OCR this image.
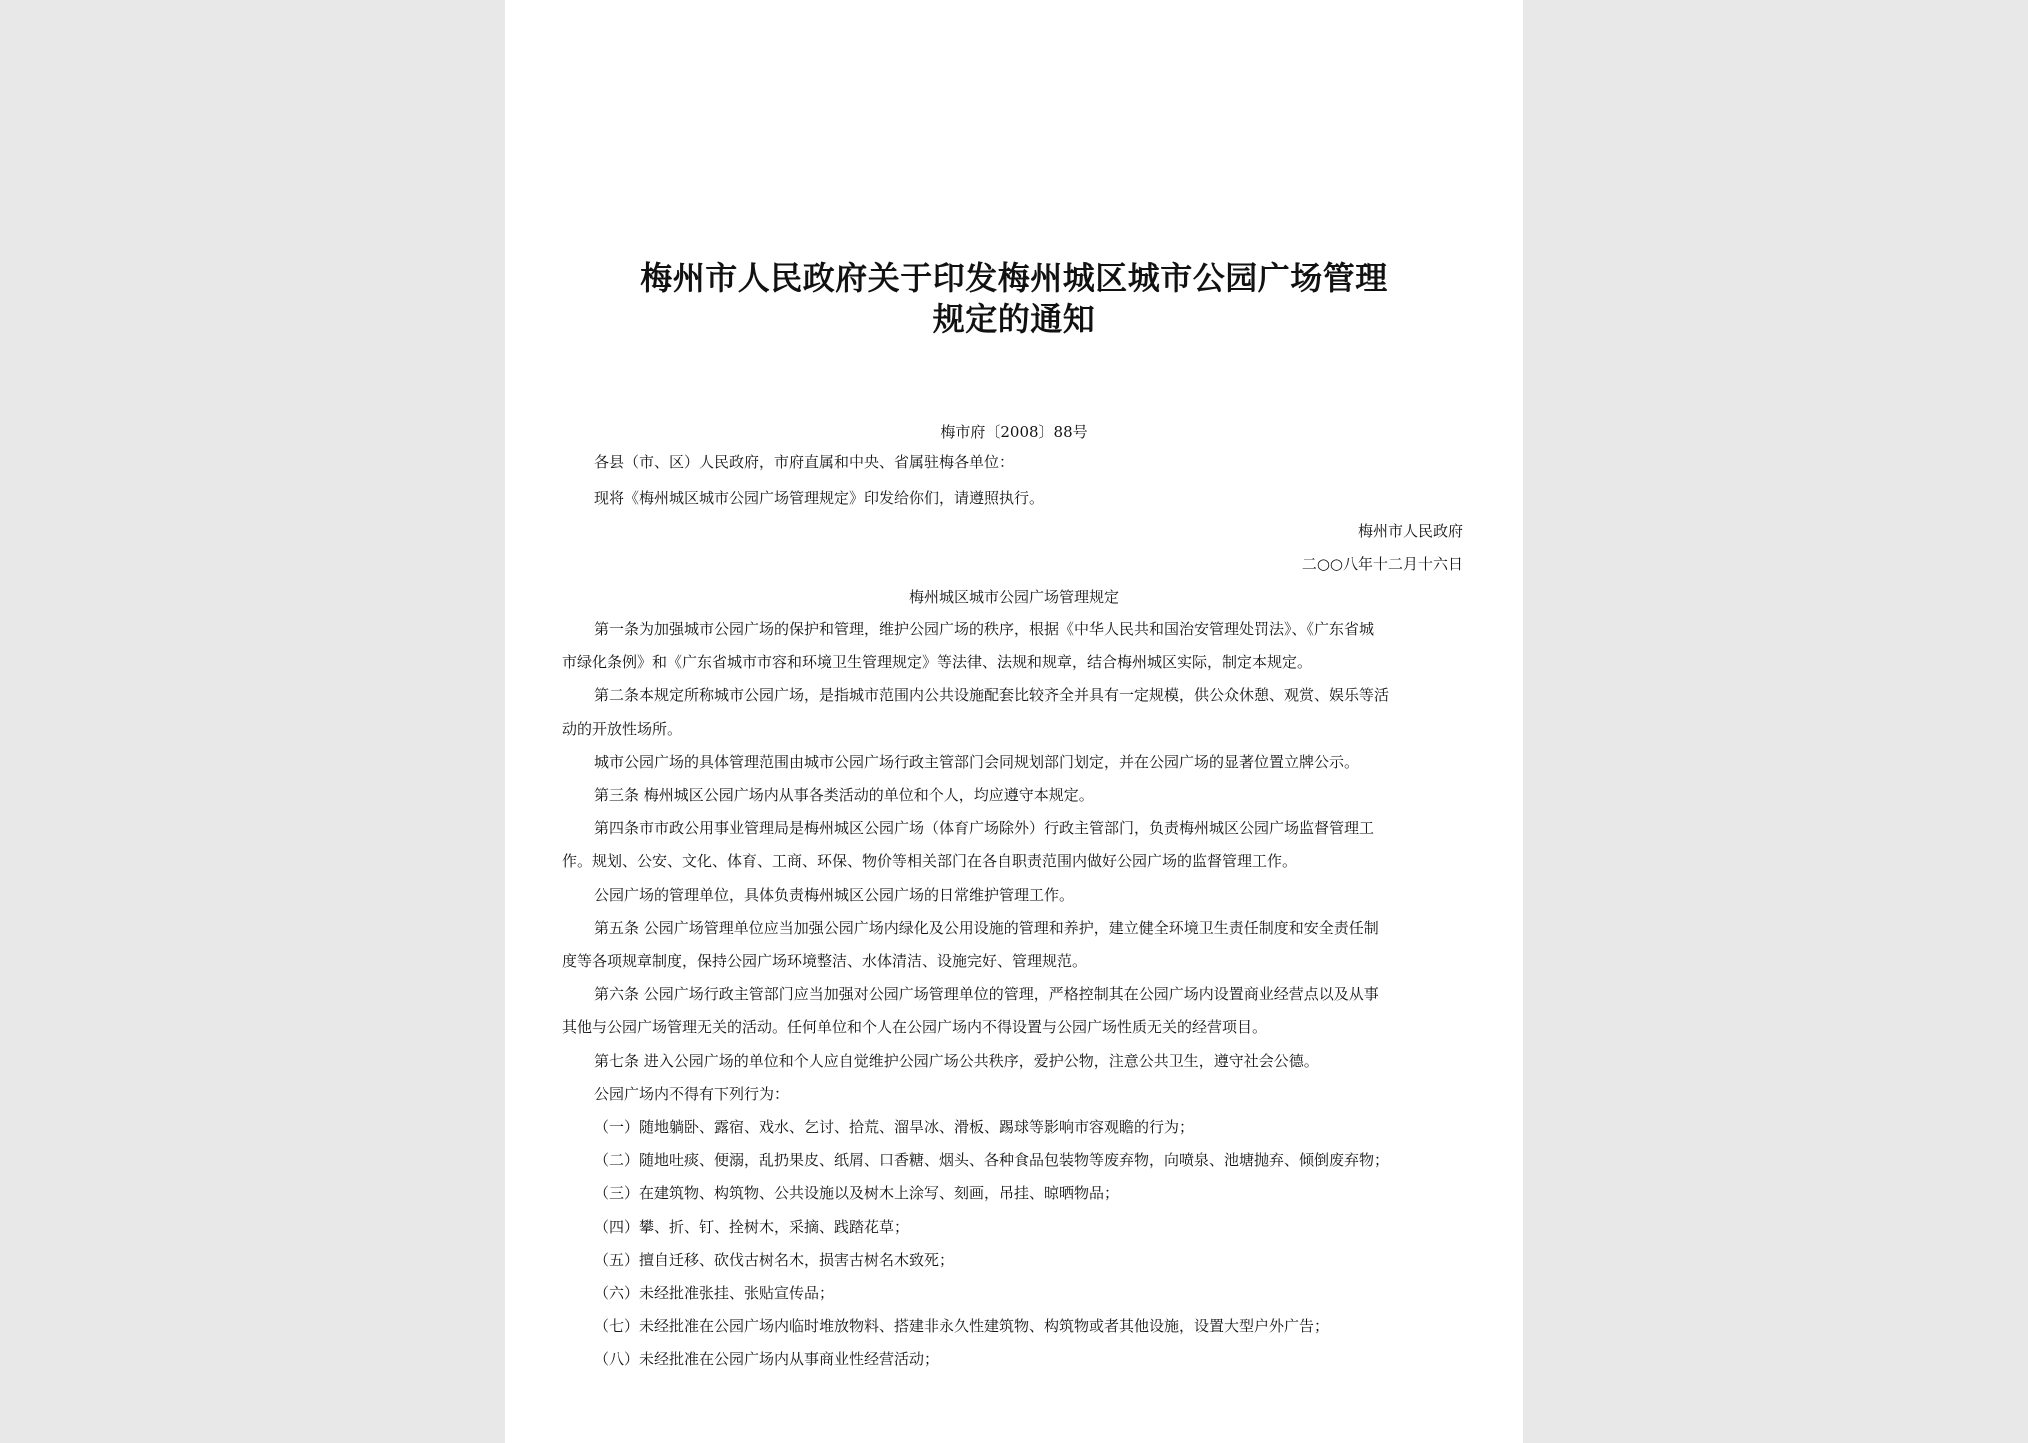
梅州市人民政府关于印发梅州城区城市公园广场管理
规定的通知
梅市府〔2008〕88号
各县（市、区）人民政府，市府直属和中央、省属驻梅各单位：
现将《梅州城区城市公园广场管理规定》印发给你们，请遵照执行。
梅州市人民政府
二○○八年十二月十六日
梅州城区城市公园广场管理规定
第一条为加强城市公园广场的保护和管理，维护公园广场的秩序，根据《中华人民共和国治安管理处罚法》、《广东省城
市绿化条例》和《广东省城市市容和环境卫生管理规定》等法律、法规和规章，结合梅州城区实际，制定本规定。
第二条本规定所称城市公园广场，是指城市范围内公共设施配套比较齐全并具有一定规模，供公众休憩、观赏、娱乐等活
动的开放性场所。
城市公园广场的具体管理范围由城市公园广场行政主管部门会同规划部门划定，并在公园广场的显著位置立牌公示。
第三条 梅州城区公园广场内从事各类活动的单位和个人，均应遵守本规定。
第四条市市政公用事业管理局是梅州城区公园广场（体育广场除外）行政主管部门，负责梅州城区公园广场监督管理工
作。规划、公安、文化、体育、工商、环保、物价等相关部门在各自职责范围内做好公园广场的监督管理工作。
公园广场的管理单位，具体负责梅州城区公园广场的日常维护管理工作。
第五条 公园广场管理单位应当加强公园广场内绿化及公用设施的管理和养护，建立健全环境卫生责任制度和安全责任制
度等各项规章制度，保持公园广场环境整洁、水体清洁、设施完好、管理规范。
第六条 公园广场行政主管部门应当加强对公园广场管理单位的管理，严格控制其在公园广场内设置商业经营点以及从事
其他与公园广场管理无关的活动。任何单位和个人在公园广场内不得设置与公园广场性质无关的经营项目。
第七条 进入公园广场的单位和个人应自觉维护公园广场公共秩序，爱护公物，注意公共卫生，遵守社会公德。
公园广场内不得有下列行为：
（一）随地躺卧、露宿、戏水、乞讨、拾荒、溜旱冰、滑板、踢球等影响市容观瞻的行为；
（二）随地吐痰、便溺，乱扔果皮、纸屑、口香糖、烟头、各种食品包装物等废弃物，向喷泉、池塘抛弃、倾倒废弃物；
（三）在建筑物、构筑物、公共设施以及树木上涂写、刻画，吊挂、晾晒物品；
（四）攀、折、钉、拴树木，采摘、践踏花草；
（五）擅自迁移、砍伐古树名木，损害古树名木致死；
（六）未经批准张挂、张贴宣传品；
（七）未经批准在公园广场内临时堆放物料、搭建非永久性建筑物、构筑物或者其他设施，设置大型户外广告；
（八）未经批准在公园广场内从事商业性经营活动；
